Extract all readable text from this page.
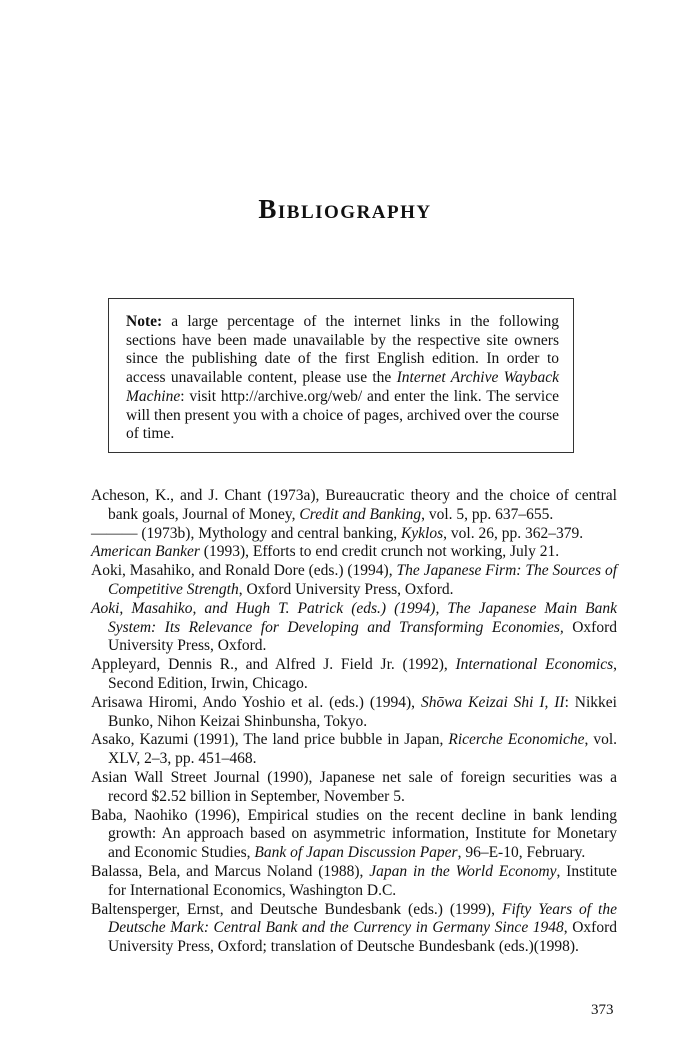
Bibliography
Note: a large percentage of the internet links in the following sections have been made unavailable by the respective site owners since the publishing date of the first English edition. In order to access unavailable content, please use the Internet Archive Wayback Machine: visit http://archive.org/web/ and enter the link. The service will then present you with a choice of pages, archived over the course of time.
Acheson, K., and J. Chant (1973a), Bureaucratic theory and the choice of central bank goals, Journal of Money, Credit and Banking, vol. 5, pp. 637–655.
——— (1973b), Mythology and central banking, Kyklos, vol. 26, pp. 362–379.
American Banker (1993), Efforts to end credit crunch not working, July 21.
Aoki, Masahiko, and Ronald Dore (eds.) (1994), The Japanese Firm: The Sources of Competitive Strength, Oxford University Press, Oxford.
Aoki, Masahiko, and Hugh T. Patrick (eds.) (1994), The Japanese Main Bank System: Its Relevance for Developing and Transforming Economies, Oxford University Press, Oxford.
Appleyard, Dennis R., and Alfred J. Field Jr. (1992), International Economics, Second Edition, Irwin, Chicago.
Arisawa Hiromi, Ando Yoshio et al. (eds.) (1994), Shōwa Keizai Shi I, II: Nikkei Bunko, Nihon Keizai Shinbunsha, Tokyo.
Asako, Kazumi (1991), The land price bubble in Japan, Ricerche Economiche, vol. XLV, 2–3, pp. 451–468.
Asian Wall Street Journal (1990), Japanese net sale of foreign securities was a record $2.52 billion in September, November 5.
Baba, Naohiko (1996), Empirical studies on the recent decline in bank lending growth: An approach based on asymmetric information, Institute for Monetary and Economic Studies, Bank of Japan Discussion Paper, 96–E-10, February.
Balassa, Bela, and Marcus Noland (1988), Japan in the World Economy, Institute for International Economics, Washington D.C.
Baltensperger, Ernst, and Deutsche Bundesbank (eds.) (1999), Fifty Years of the Deutsche Mark: Central Bank and the Currency in Germany Since 1948, Oxford University Press, Oxford; translation of Deutsche Bundesbank (eds.)(1998).
373
